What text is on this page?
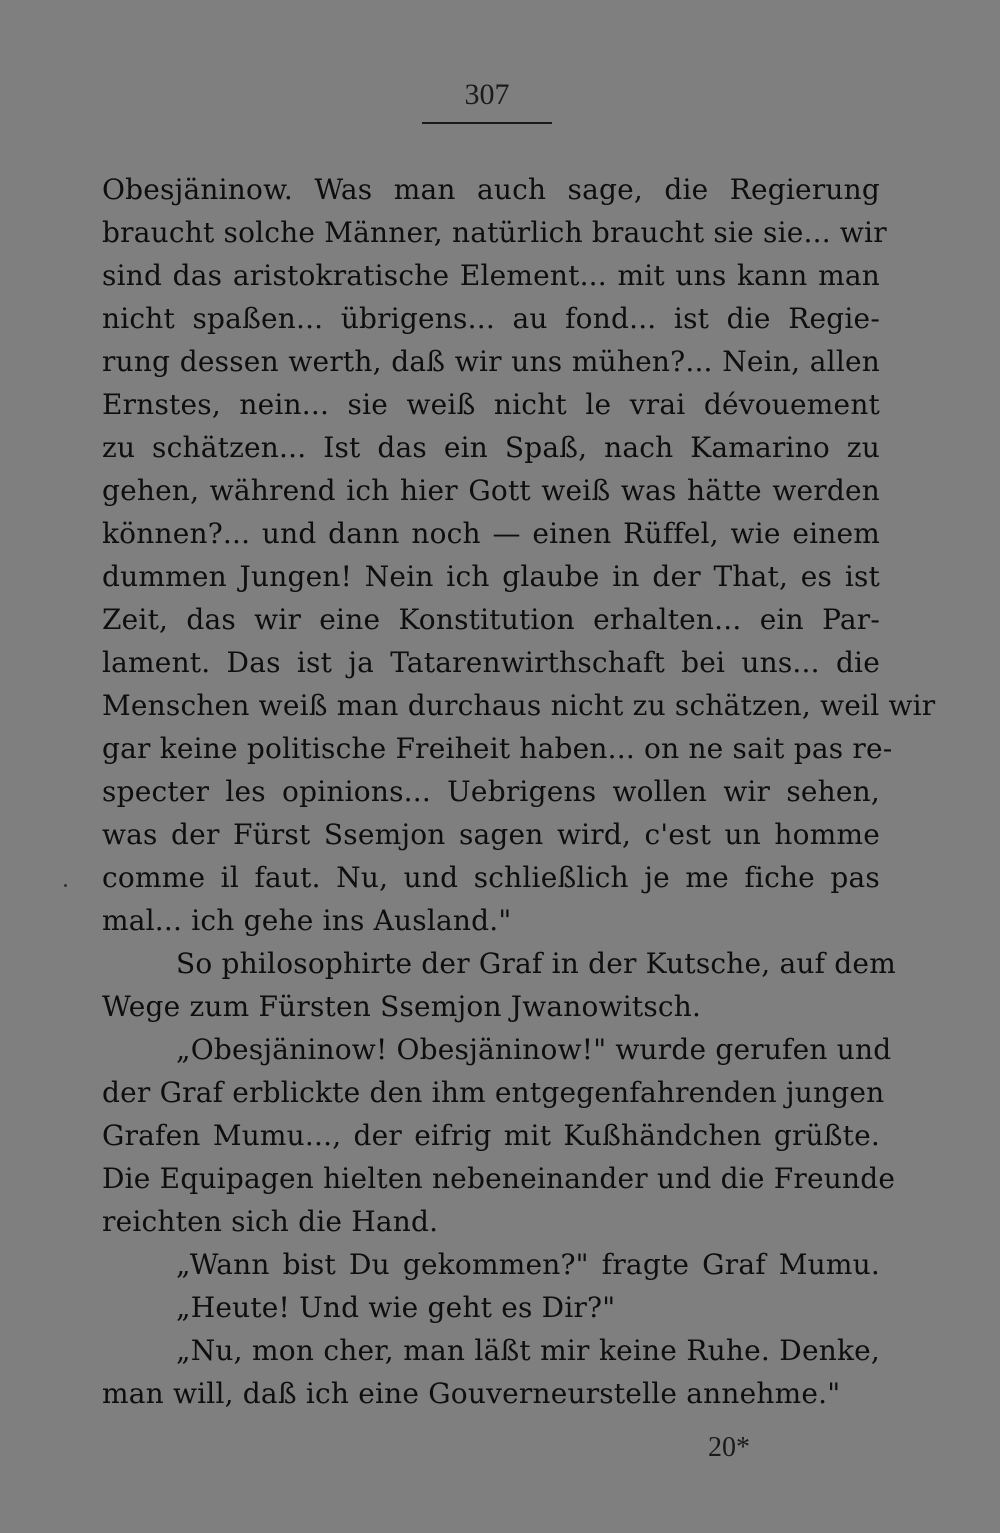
307
Obesjäninow. Was man auch sage, die Regierung
braucht solche Männer, natürlich braucht sie sie... wir
sind das aristokratische Element... mit uns kann man
nicht spaßen... übrigens... au fond... ist die Regie-
rung dessen werth, daß wir uns mühen?... Nein, allen
Ernstes, nein... sie weiß nicht le vrai dévouement
zu schätzen... Ist das ein Spaß, nach Kamarino zu
gehen, während ich hier Gott weiß was hätte werden
können?... und dann noch — einen Rüffel, wie einem
dummen Jungen! Nein ich glaube in der That, es ist
Zeit, das wir eine Konstitution erhalten... ein Par-
lament. Das ist ja Tatarenwirthschaft bei uns... die
Menschen weiß man durchaus nicht zu schätzen, weil wir
gar keine politische Freiheit haben... on ne sait pas re-
specter les opinions... Uebrigens wollen wir sehen,
was der Fürst Ssemjon sagen wird, c'est un homme
comme il faut. Nu, und schließlich je me fiche pas
mal... ich gehe ins Ausland."
So philosophirte der Graf in der Kutsche, auf dem
Wege zum Fürsten Ssemjon Jwanowitsch.
„Obesjäninow! Obesjäninow!" wurde gerufen und
der Graf erblickte den ihm entgegenfahrenden jungen
Grafen Mumu..., der eifrig mit Kußhändchen grüßte.
Die Equipagen hielten nebeneinander und die Freunde
reichten sich die Hand.
„Wann bist Du gekommen?" fragte Graf Mumu.
„Heute! Und wie geht es Dir?"
„Nu, mon cher, man läßt mir keine Ruhe. Denke,
man will, daß ich eine Gouverneurstelle annehme."
20*
